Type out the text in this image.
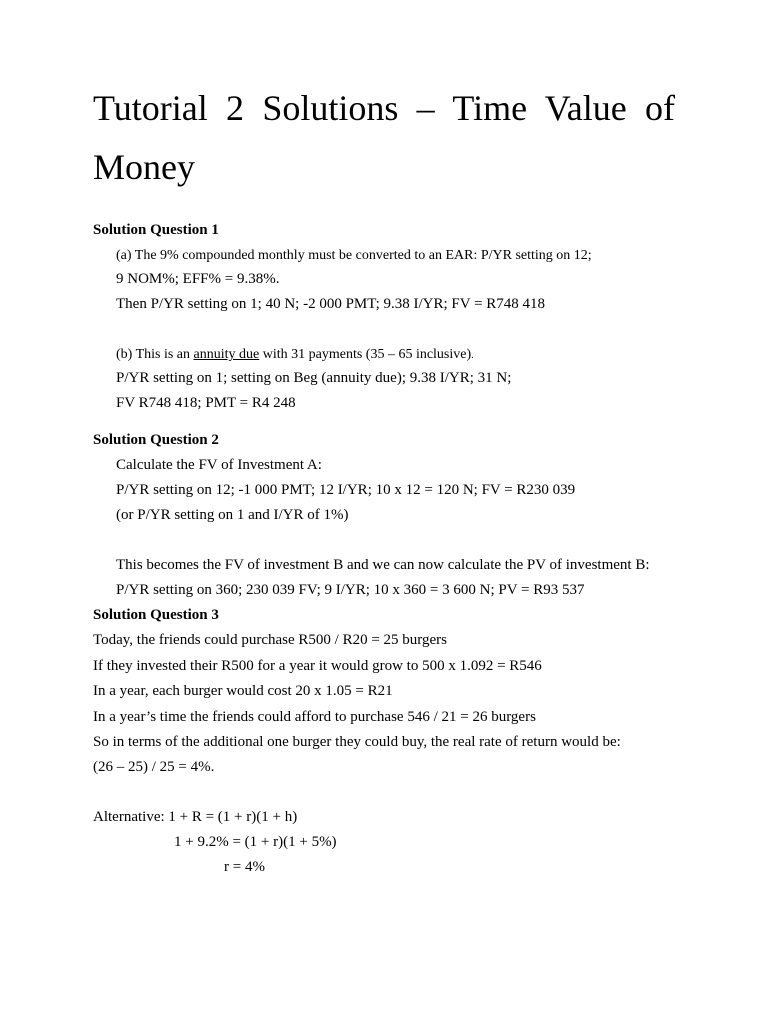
Tutorial 2 Solutions – Time Value of
Money
Solution Question 1
(a) The 9% compounded monthly must be converted to an EAR: P/YR setting on 12;
9 NOM%; EFF% = 9.38%.
Then P/YR setting on 1; 40 N; -2 000 PMT; 9.38 I/YR; FV = R748 418
(b) This is an annuity due with 31 payments (35 – 65 inclusive).
P/YR setting on 1; setting on Beg (annuity due); 9.38 I/YR; 31 N;
FV R748 418; PMT = R4 248
Solution Question 2
Calculate the FV of Investment A:
P/YR setting on 12; -1 000 PMT; 12 I/YR; 10 x 12 = 120 N; FV = R230 039
(or P/YR setting on 1 and I/YR of 1%)
This becomes the FV of investment B and we can now calculate the PV of investment B:
P/YR setting on 360; 230 039 FV; 9 I/YR; 10 x 360 = 3 600 N; PV = R93 537
Solution Question 3
Today, the friends could purchase R500 / R20 = 25 burgers
If they invested their R500 for a year it would grow to 500 x 1.092 = R546
In a year, each burger would cost 20 x 1.05 = R21
In a year’s time the friends could afford to purchase 546 / 21 = 26 burgers
So in terms of the additional one burger they could buy, the real rate of return would be:
(26 – 25) / 25 = 4%.
Alternative: 1 + R = (1 + r)(1 + h)
1 + 9.2% = (1 + r)(1 + 5%)
r = 4%
